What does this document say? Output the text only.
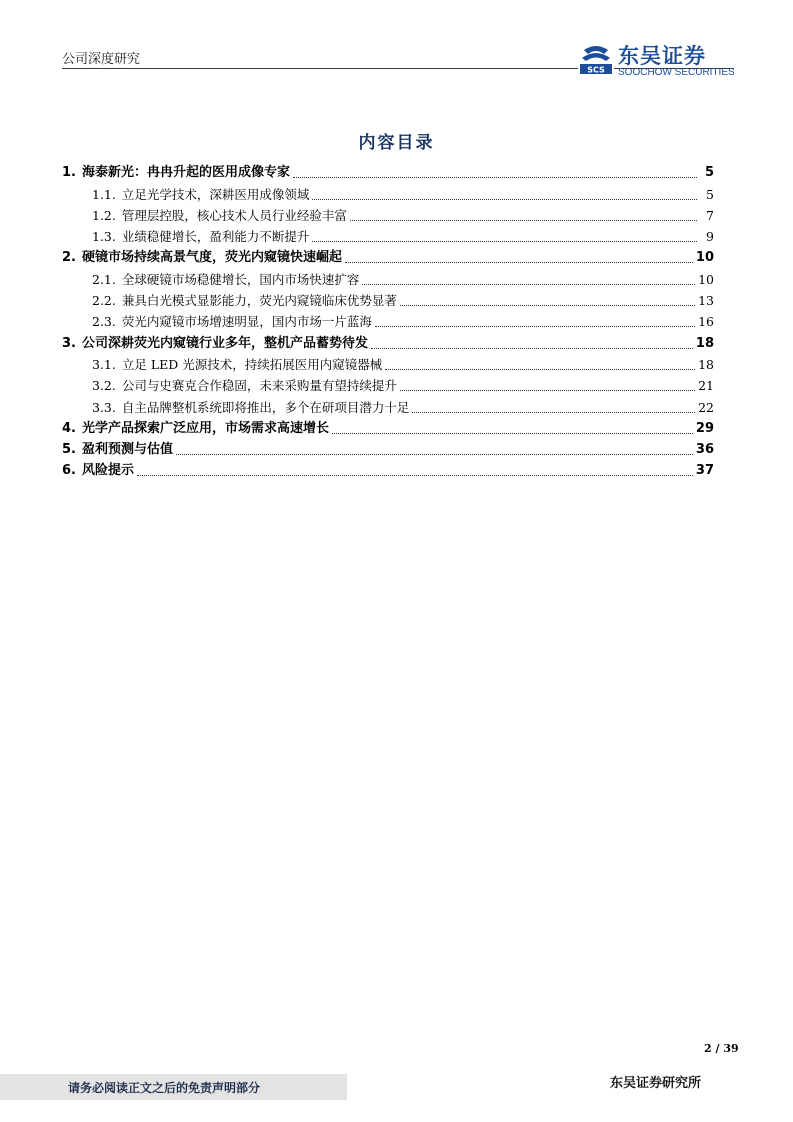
公司深度研究
SCS
东吴证券
SOOCHOW SECURITIES
内容目录
1. 海泰新光：冉冉升起的医用成像专家	5
1.1. 立足光学技术，深耕医用成像领域	5
1.2. 管理层控股，核心技术人员行业经验丰富	7
1.3. 业绩稳健增长，盈利能力不断提升	9
2. 硬镜市场持续高景气度，荧光内窥镜快速崛起	10
2.1. 全球硬镜市场稳健增长，国内市场快速扩容	10
2.2. 兼具白光模式显影能力，荧光内窥镜临床优势显著	13
2.3. 荧光内窥镜市场增速明显，国内市场一片蓝海	16
3. 公司深耕荧光内窥镜行业多年，整机产品蓄势待发	18
3.1. 立足 LED 光源技术，持续拓展医用内窥镜器械	18
3.2. 公司与史赛克合作稳固，未来采购量有望持续提升	21
3.3. 自主品牌整机系统即将推出，多个在研项目潜力十足	22
4. 光学产品探索广泛应用，市场需求高速增长	29
5. 盈利预测与估值	36
6. 风险提示	37
2 / 39
请务必阅读正文之后的免责声明部分	东吴证券研究所
